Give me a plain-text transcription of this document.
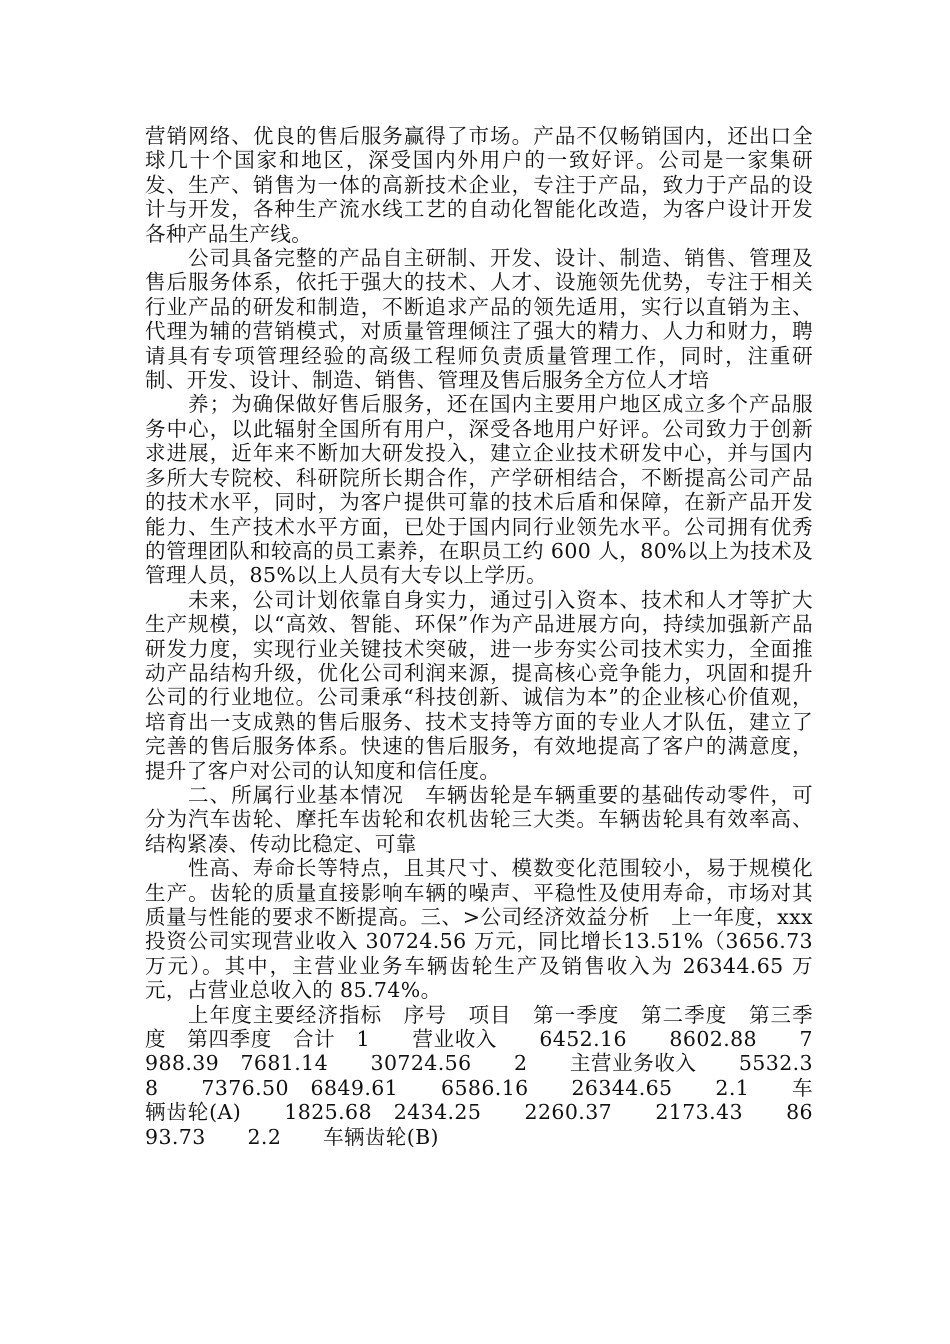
营销网络、优良的售后服务赢得了市场。产品不仅畅销国内，还出口全球几十个国家和地区，深受国内外用户的一致好评。公司是一家集研发、生产、销售为一体的高新技术企业，专注于产品，致力于产品的设计与开发，各种生产流水线工艺的自动化智能化改造，为客户设计开发各种产品生产线。

公司具备完整的产品自主研制、开发、设计、制造、销售、管理及售后服务体系，依托于强大的技术、人才、设施领先优势，专注于相关行业产品的研发和制造，不断追求产品的领先适用，实行以直销为主、代理为辅的营销模式，对质量管理倾注了强大的精力、人力和财力，聘请具有专项管理经验的高级工程师负责质量管理工作，同时，注重研制、开发、设计、制造、销售、管理及售后服务全方位人才培

养；为确保做好售后服务，还在国内主要用户地区成立多个产品服务中心，以此辐射全国所有用户，深受各地用户好评。公司致力于创新求进展，近年来不断加大研发投入，建立企业技术研发中心，并与国内多所大专院校、科研院所长期合作，产学研相结合，不断提高公司产品的技术水平，同时，为客户提供可靠的技术后盾和保障，在新产品开发能力、生产技术水平方面，已处于国内同行业领先水平。公司拥有优秀的管理团队和较高的员工素养，在职员工约 600 人，80%以上为技术及管理人员，85%以上人员有大专以上学历。

未来，公司计划依靠自身实力，通过引入资本、技术和人才等扩大生产规模，以“高效、智能、环保”作为产品进展方向，持续加强新产品研发力度，实现行业关键技术突破，进一步夯实公司技术实力，全面推动产品结构升级，优化公司利润来源，提高核心竞争能力，巩固和提升公司的行业地位。公司秉承“科技创新、诚信为本”的企业核心价值观，培育出一支成熟的售后服务、技术支持等方面的专业人才队伍，建立了完善的售后服务体系。快速的售后服务，有效地提高了客户的满意度，提升了客户对公司的认知度和信任度。

二、所属行业基本情况　车辆齿轮是车辆重要的基础传动零件，可分为汽车齿轮、摩托车齿轮和农机齿轮三大类。车辆齿轮具有效率高、结构紧凑、传动比稳定、可靠

性高、寿命长等特点，且其尺寸、模数变化范围较小，易于规模化生产。齿轮的质量直接影响车辆的噪声、平稳性及使用寿命，市场对其质量与性能的要求不断提高。三、>公司经济效益分析　上一年度，xxx 投资公司实现营业收入 30724.56 万元，同比增长13.51%（3656.73 万元）。其中，主营业业务车辆齿轮生产及销售收入为 26344.65 万元，占营业总收入的 85.74%。

上年度主要经济指标　序号　项目　第一季度　第二季度　第三季度　第四季度　合计　1　　营业收入　　6452.16　　8602.88　　7988.39　7681.14　　30724.56　　2　　主营业务收入　　5532.38　　7376.50　6849.61　　6586.16　　26344.65　　2.1　　车辆齿轮(A)　　1825.68　2434.25　　2260.37　　2173.43　　8693.73　　2.2　　车辆齿轮(B)
